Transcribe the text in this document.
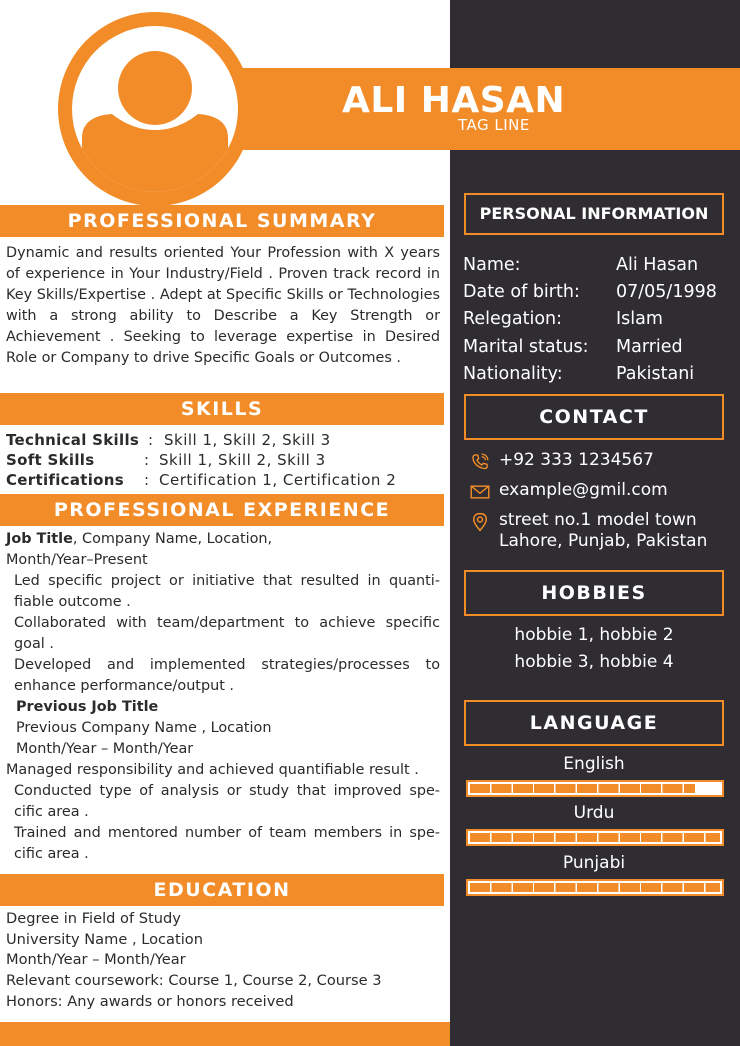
ALI HASAN
TAG LINE
PROFESSIONAL SUMMARY

Dynamic and results oriented Your Profession with X years of experience in Your Industry/Field . Proven track record in Key Skills/Expertise . Adept at Specific Skills or Technologies with a strong ability to Describe a Key Strength or Achievement . Seeking to leverage expertise in Desired Role or Company to drive Specific Goals or Outcomes .

SKILLS
Technical Skills : Skill 1, Skill 2, Skill 3
Soft Skills	: Skill 1, Skill 2, Skill 3
Certifications : Certification 1, Certification 2
PROFESSIONAL EXPERIENCE

Job Title, Company Name, Location,

Month/Year–Present

Led specific project or initiative that resulted in quanti-fiable outcome .

Collaborated with team/department to achieve specific goal .

Developed and implemented strategies/processes to enhance performance/output .

Previous Job Title

Previous Company Name , Location

Month/Year – Month/Year

Managed responsibility and achieved quantifiable result .

Conducted type of analysis or study that improved spe-cific area .

Trained and mentored number of team members in spe-cific area .

EDUCATION

Degree in Field of Study

University Name , Location

Month/Year – Month/Year

Relevant coursework: Course 1, Course 2, Course 3

Honors: Any awards or honors received

PERSONAL INFORMATION
Name:	Ali Hasan
Date of birth: 07/05/1998
Relegation:	Islam
Marital status: Married
Nationality:	Pakistani
CONTACT
+92 333 1234567
example@gmil.com
street no.1 model town
Lahore, Punjab, Pakistan
HOBBIES
hobbie 1, hobbie 2
hobbie 3, hobbie 4
LANGUAGE
English
Urdu
Punjabi
